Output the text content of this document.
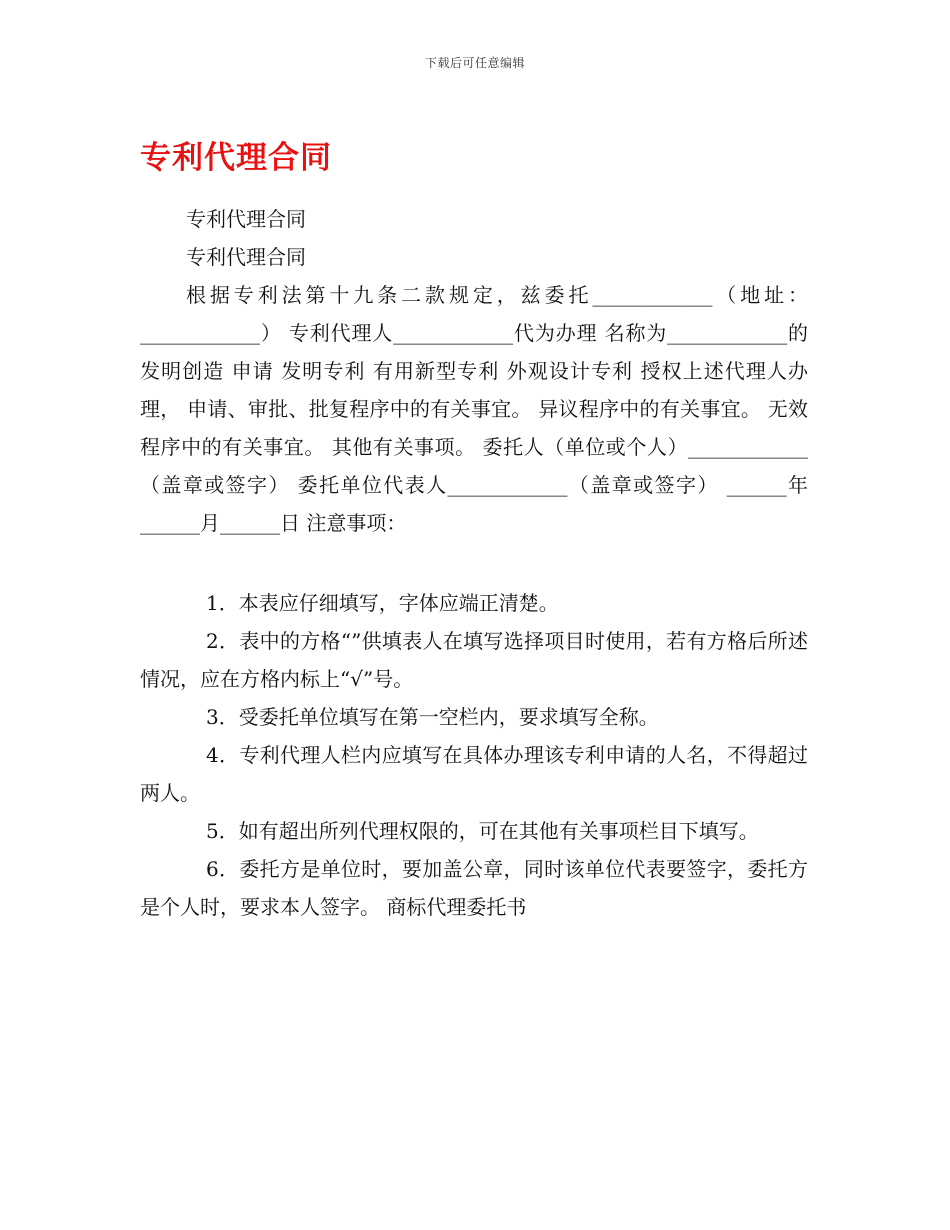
下载后可任意编辑
专利代理合同

专利代理合同

专利代理合同

根据专利法第十九条二款规定，兹委托____________（地址：____________） 专利代理人____________代为办理 名称为____________的发明创造 申请 发明专利 有用新型专利 外观设计专利 授权上述代理人办理， 申请、审批、批复程序中的有关事宜。 异议程序中的有关事宜。 无效程序中的有关事宜。 其他有关事项。 委托人（单位或个人）____________（盖章或签字） 委托单位代表人____________（盖章或签字） ______年______月______日 注意事项：

1．本表应仔细填写，字体应端正清楚。

2．表中的方格“”供填表人在填写选择项目时使用，若有方格后所述情况，应在方格内标上“√”号。

3．受委托单位填写在第一空栏内，要求填写全称。

4．专利代理人栏内应填写在具体办理该专利申请的人名，不得超过两人。

5．如有超出所列代理权限的，可在其他有关事项栏目下填写。

6．委托方是单位时，要加盖公章，同时该单位代表要签字，委托方是个人时，要求本人签字。 商标代理委托书
